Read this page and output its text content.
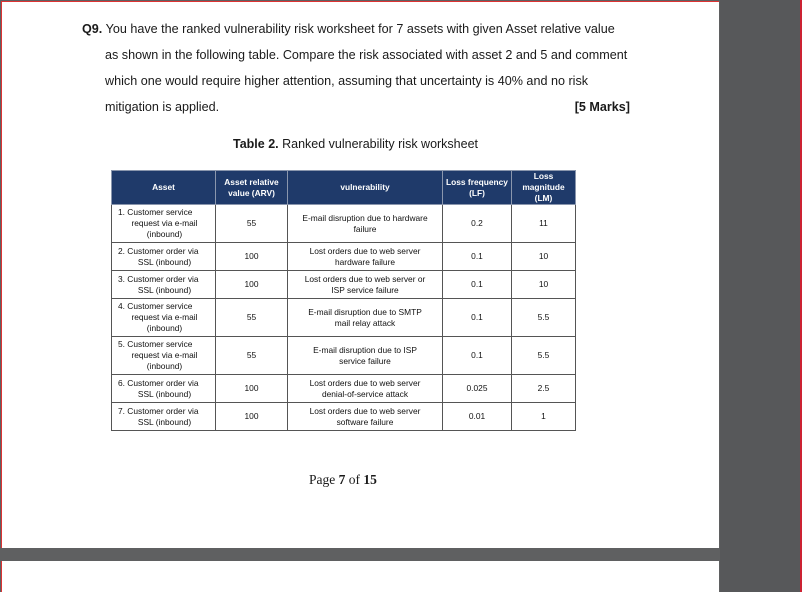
Q9. You have the ranked vulnerability risk worksheet for 7 assets with given Asset relative value
as shown in the following table. Compare the risk associated with asset 2 and 5 and comment
which one would require higher attention, assuming that uncertainty is 40% and no risk
mitigation is applied.	[5 Marks]
Table 2. Ranked vulnerability risk worksheet
Asset	Asset relative value (ARV)	vulnerability	Loss frequency (LF)	Loss magnitude (LM)

1. Customer service
request via e-mail
(inbound)	55	E-mail disruption due to hardware
failure	0.2	11

2. Customer order via
SSL (inbound)	100	Lost orders due to web server
hardware failure	0.1	10

3. Customer order via
SSL (inbound)	100	Lost orders due to web server or
ISP service failure	0.1	10

4. Customer service
request via e-mail
(inbound)	55	E-mail disruption due to SMTP
mail relay attack	0.1	5.5

5. Customer service
request via e-mail
(inbound)	55	E-mail disruption due to ISP
service failure	0.1	5.5

6. Customer order via
SSL (inbound)	100	Lost orders due to web server
denial-of-service attack	0.025	2.5

7. Customer order via
SSL (inbound)	100	Lost orders due to web server
software failure	0.01	1
Page 7 of 15
